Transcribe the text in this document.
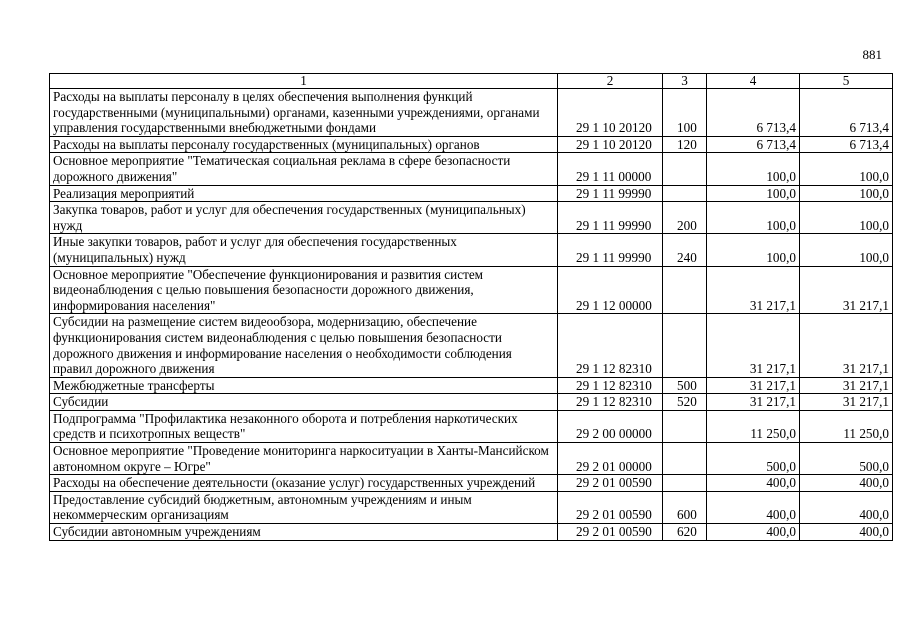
881
1	2	3	4	5
Расходы на выплаты персоналу в целях обеспечения выполнения функций государственными (муниципальными) органами, казенными учреждениями, органами управления государственными внебюджетными фондами	29 1 10 20120	100	6 713,4	6 713,4
Расходы на выплаты персоналу государственных (муниципальных) органов	29 1 10 20120	120	6 713,4	6 713,4
Основное мероприятие "Тематическая социальная реклама в сфере безопасности дорожного движения"	29 1 11 00000		100,0	100,0
Реализация мероприятий	29 1 11 99990		100,0	100,0
Закупка товаров, работ и услуг для обеспечения государственных (муниципальных) нужд	29 1 11 99990	200	100,0	100,0
Иные закупки товаров, работ и услуг для обеспечения государственных (муниципальных) нужд	29 1 11 99990	240	100,0	100,0
Основное мероприятие "Обеспечение функционирования и развития систем видеонаблюдения с целью повышения безопасности дорожного движения, информирования населения"	29 1 12 00000		31 217,1	31 217,1
Субсидии на размещение систем видеообзора, модернизацию, обеспечение функционирования систем видеонаблюдения с целью повышения безопасности дорожного движения и информирование населения о необходимости соблюдения правил дорожного движения	29 1 12 82310		31 217,1	31 217,1
Межбюджетные трансферты	29 1 12 82310	500	31 217,1	31 217,1
Субсидии	29 1 12 82310	520	31 217,1	31 217,1
Подпрограмма "Профилактика незаконного оборота и потребления наркотических средств и психотропных веществ"	29 2 00 00000		11 250,0	11 250,0
Основное мероприятие "Проведение мониторинга наркоситуации в Ханты-Мансийском автономном округе – Югре"	29 2 01 00000		500,0	500,0
Расходы на обеспечение деятельности (оказание услуг) государственных учреждений	29 2 01 00590		400,0	400,0
Предоставление субсидий бюджетным, автономным учреждениям и иным некоммерческим организациям	29 2 01 00590	600	400,0	400,0
Субсидии автономным учреждениям	29 2 01 00590	620	400,0	400,0
